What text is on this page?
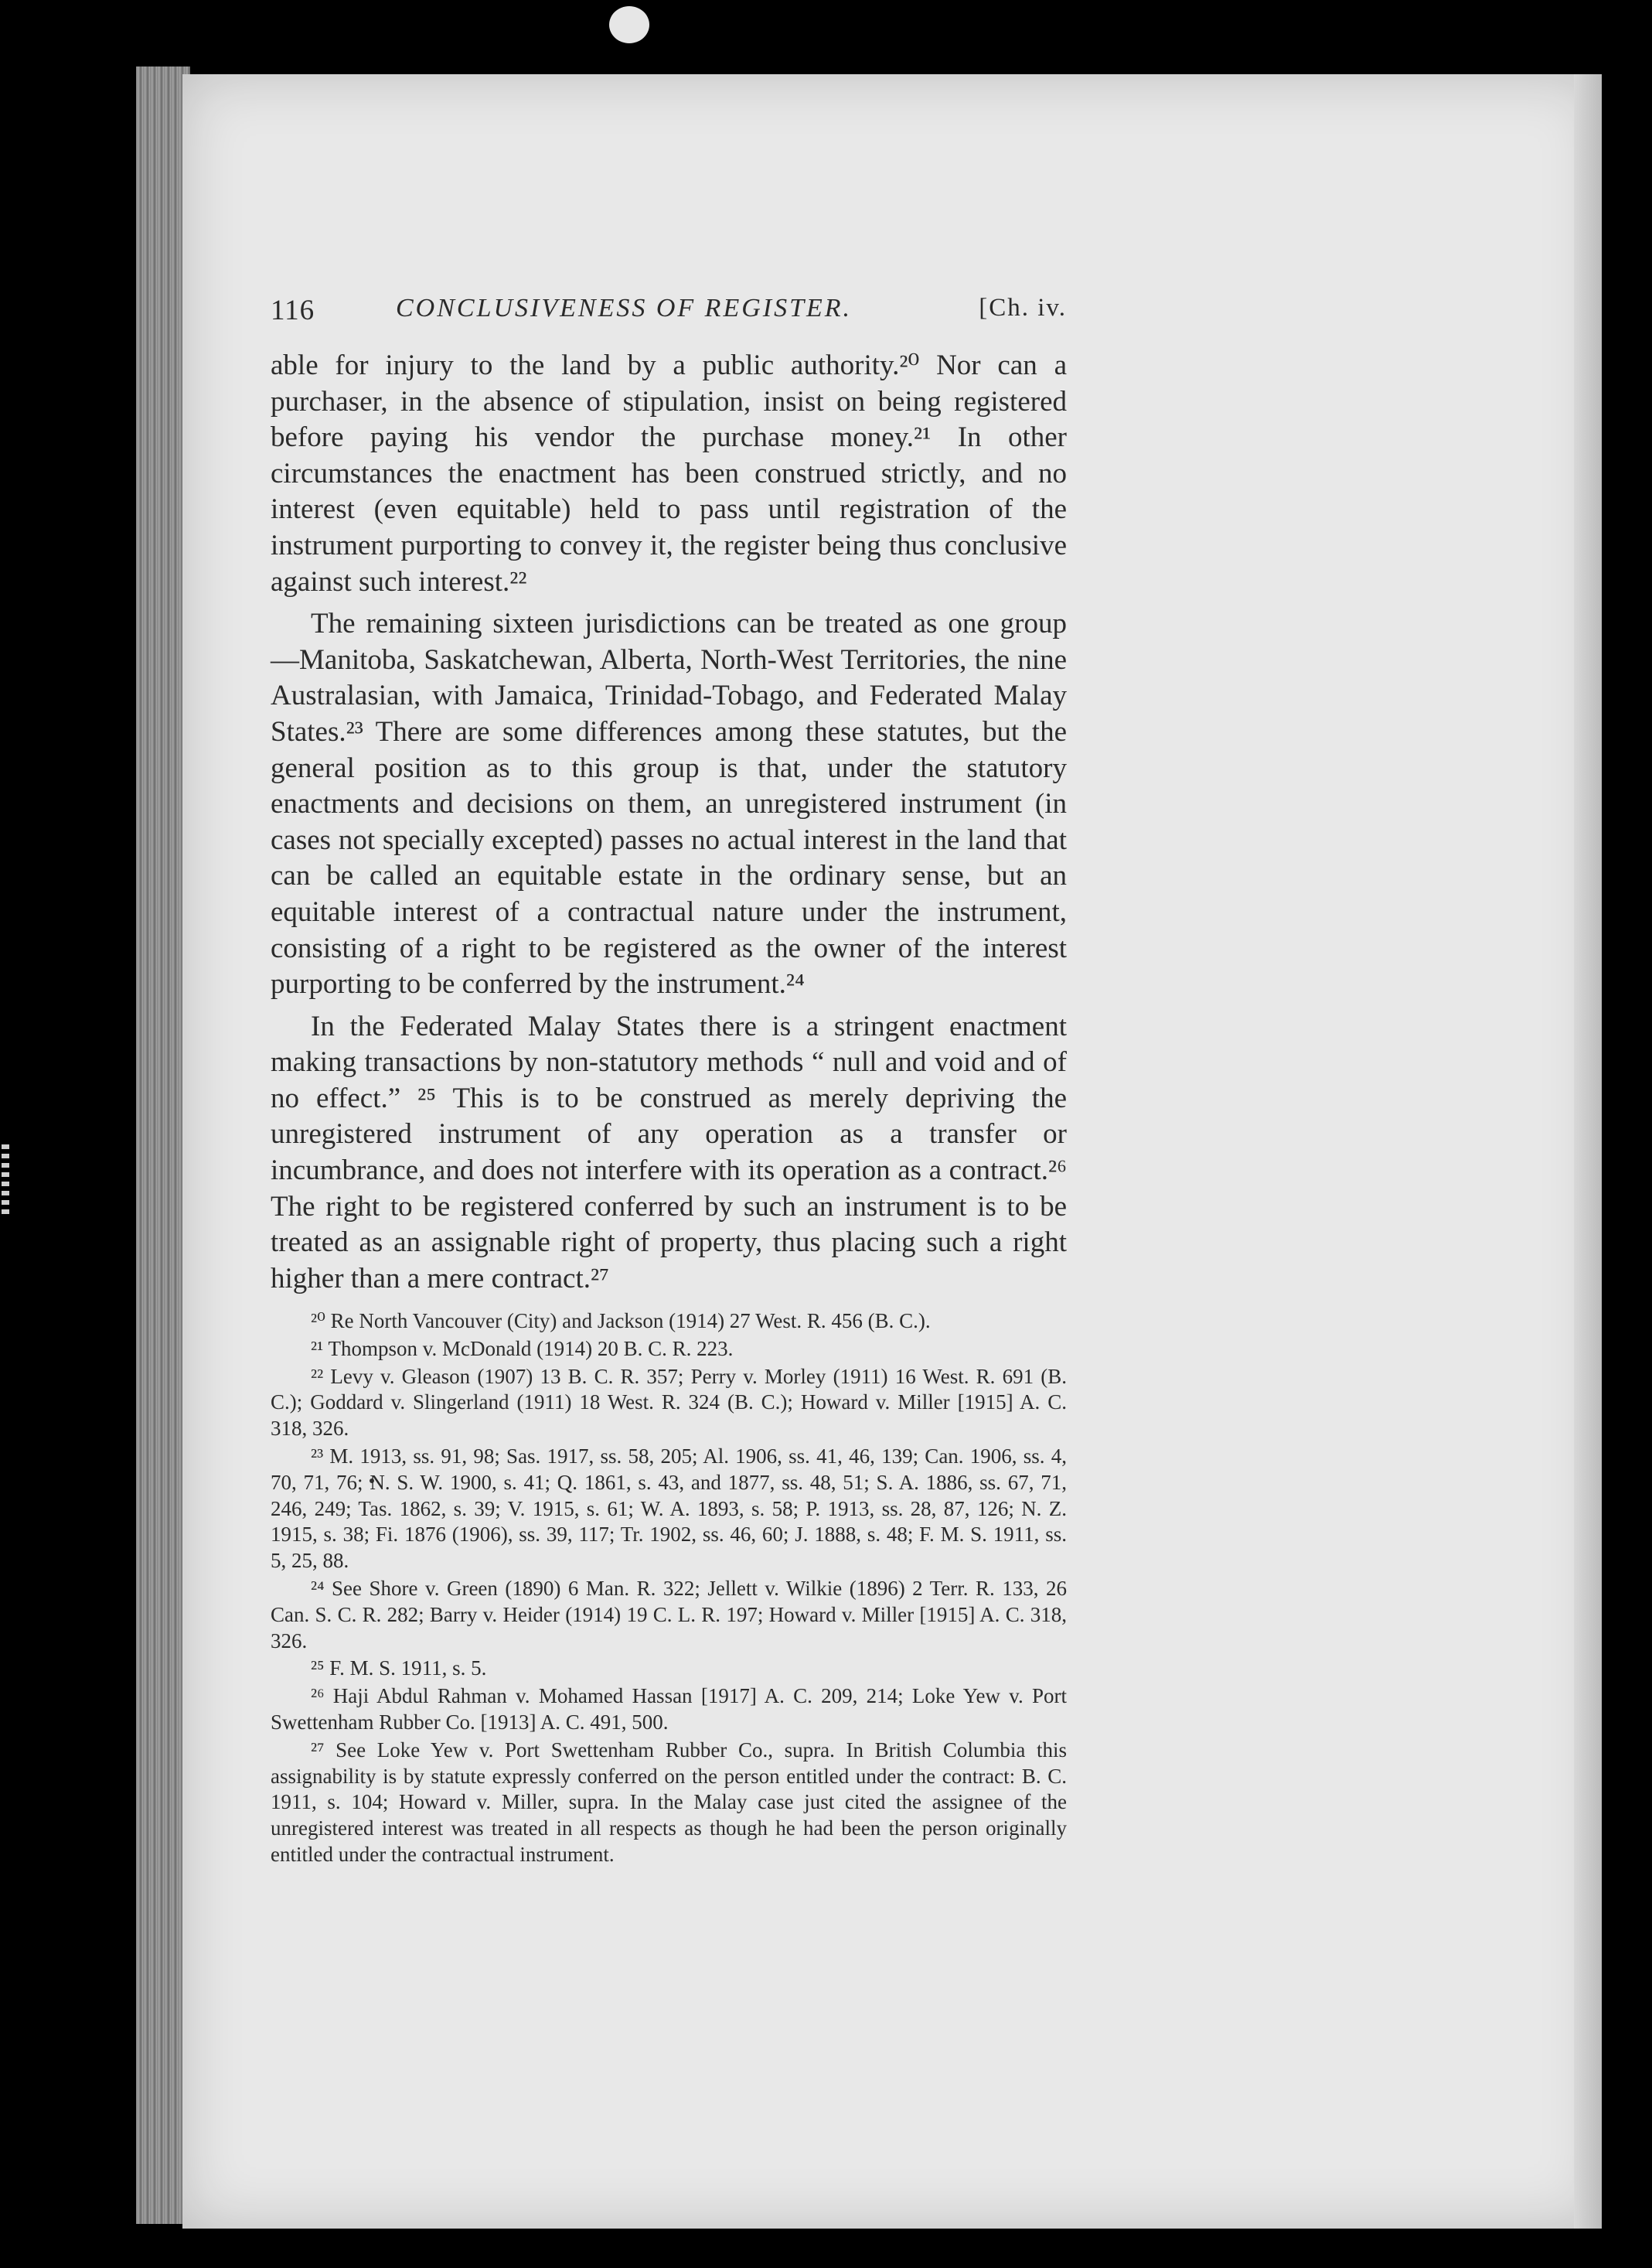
116	CONCLUSIVENESS OF REGISTER.	[Ch. iv.

able for injury to the land by a public authority.²⁰ Nor can a purchaser, in the absence of stipulation, insist on being registered before paying his vendor the purchase money.²¹ In other circumstances the enactment has been construed strictly, and no interest (even equitable) held to pass until registration of the instrument purporting to convey it, the register being thus conclusive against such interest.²²

The remaining sixteen jurisdictions can be treated as one group —Manitoba, Saskatchewan, Alberta, North-West Territories, the nine Australasian, with Jamaica, Trinidad-Tobago, and Federated Malay States.²³ There are some differences among these statutes, but the general position as to this group is that, under the statutory enactments and decisions on them, an unregistered instrument (in cases not specially excepted) passes no actual interest in the land that can be called an equitable estate in the ordinary sense, but an equitable interest of a contractual nature under the instrument, consisting of a right to be registered as the owner of the interest purporting to be conferred by the instrument.²⁴

In the Federated Malay States there is a stringent enactment making transactions by non-statutory methods “ null and void and of no effect.” ²⁵ This is to be construed as merely depriving the unregistered instrument of any operation as a transfer or incumbrance, and does not interfere with its operation as a contract.²⁶ The right to be registered conferred by such an instrument is to be treated as an assignable right of property, thus placing such a right higher than a mere contract.²⁷

²⁰ Re North Vancouver (City) and Jackson (1914) 27 West. R. 456 (B. C.).

²¹ Thompson v. McDonald (1914) 20 B. C. R. 223.

²² Levy v. Gleason (1907) 13 B. C. R. 357; Perry v. Morley (1911) 16 West. R. 691 (B. C.); Goddard v. Slingerland (1911) 18 West. R. 324 (B. C.); Howard v. Miller [1915] A. C. 318, 326.

²³ M. 1913, ss. 91, 98; Sas. 1917, ss. 58, 205; Al. 1906, ss. 41, 46, 139; Can. 1906, ss. 4, 70, 71, 76; N. S. W. 1900, s. 41; Q. 1861, s. 43, and 1877, ss. 48, 51; S. A. 1886, ss. 67, 71, 246, 249; Tas. 1862, s. 39; V. 1915, s. 61; W. A. 1893, s. 58; P. 1913, ss. 28, 87, 126; N. Z. 1915, s. 38; Fi. 1876 (1906), ss. 39, 117; Tr. 1902, ss. 46, 60; J. 1888, s. 48; F. M. S. 1911, ss. 5, 25, 88.

²⁴ See Shore v. Green (1890) 6 Man. R. 322; Jellett v. Wilkie (1896) 2 Terr. R. 133, 26 Can. S. C. R. 282; Barry v. Heider (1914) 19 C. L. R. 197; Howard v. Miller [1915] A. C. 318, 326.

²⁵ F. M. S. 1911, s. 5.

²⁶ Haji Abdul Rahman v. Mohamed Hassan [1917] A. C. 209, 214; Loke Yew v. Port Swettenham Rubber Co. [1913] A. C. 491, 500.

²⁷ See Loke Yew v. Port Swettenham Rubber Co., supra. In British Columbia this assignability is by statute expressly conferred on the person entitled under the contract: B. C. 1911, s. 104; Howard v. Miller, supra. In the Malay case just cited the assignee of the unregistered interest was treated in all respects as though he had been the person originally entitled under the contractual instrument.
